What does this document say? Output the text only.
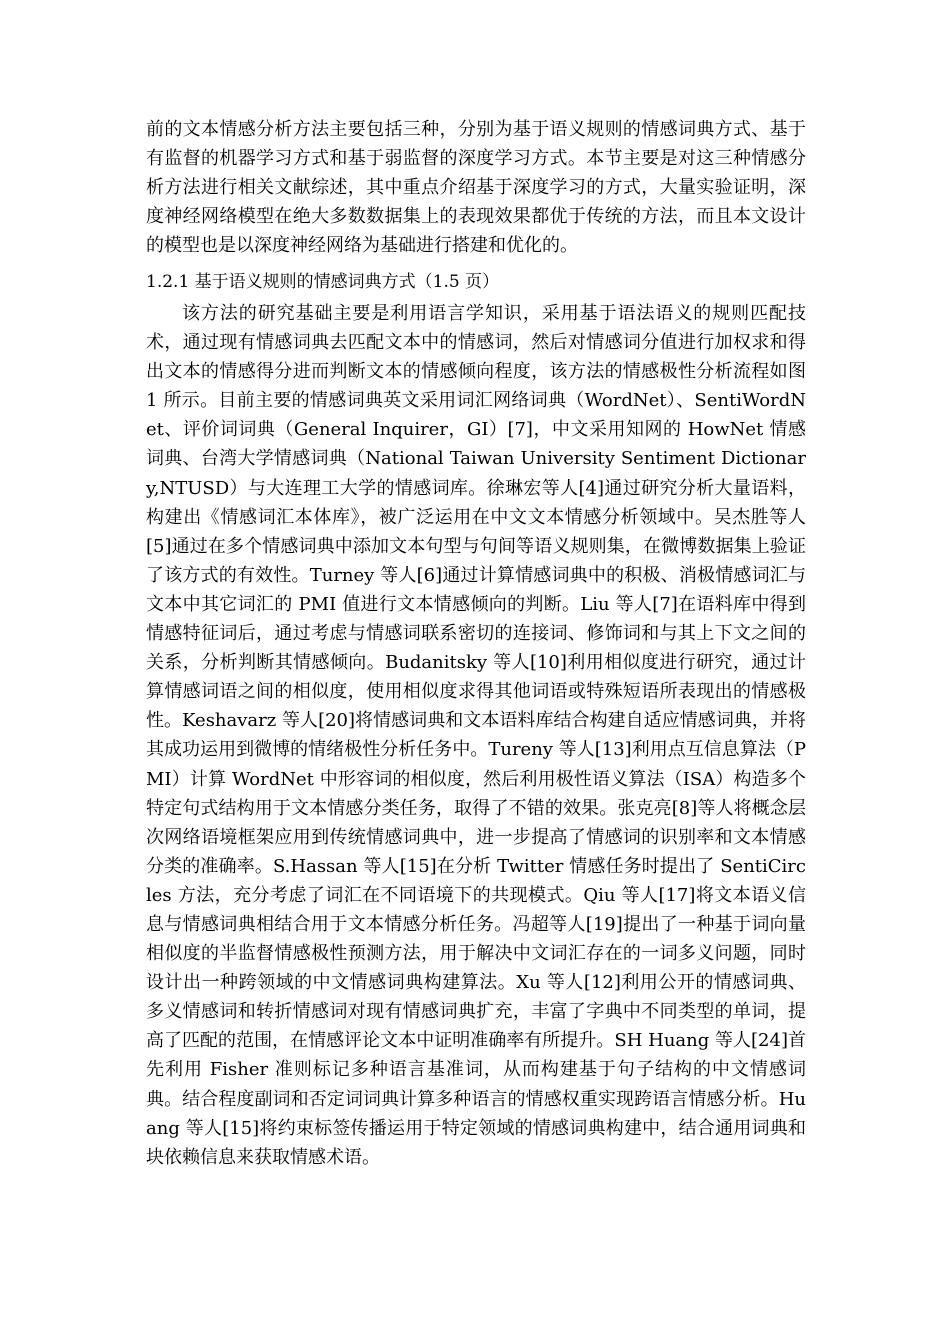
前的文本情感分析方法主要包括三种，分别为基于语义规则的情感词典方式、基于有监督的机器学习方式和基于弱监督的深度学习方式。本节主要是对这三种情感分析方法进行相关文献综述，其中重点介绍基于深度学习的方式，大量实验证明，深度神经网络模型在绝大多数数据集上的表现效果都优于传统的方法，而且本文设计的模型也是以深度神经网络为基础进行搭建和优化的。

1.2.1 基于语义规则的情感词典方式（1.5 页）

该方法的研究基础主要是利用语言学知识，采用基于语法语义的规则匹配技术，通过现有情感词典去匹配文本中的情感词，然后对情感词分值进行加权求和得出文本的情感得分进而判断文本的情感倾向程度，该方法的情感极性分析流程如图 1 所示。目前主要的情感词典英文采用词汇网络词典（WordNet）、SentiWordNet、评价词词典（General Inquirer，GI）[7]，中文采用知网的 HowNet 情感词典、台湾大学情感词典（National Taiwan University Sentiment Dictionary,NTUSD）与大连理工大学的情感词库。徐琳宏等人[4]通过研究分析大量语料，构建出《情感词汇本体库》，被广泛运用在中文文本情感分析领域中。吴杰胜等人[5]通过在多个情感词典中添加文本句型与句间等语义规则集，在微博数据集上验证了该方式的有效性。Turney 等人[6]通过计算情感词典中的积极、消极情感词汇与文本中其它词汇的 PMI 值进行文本情感倾向的判断。Liu 等人[7]在语料库中得到情感特征词后，通过考虑与情感词联系密切的连接词、修饰词和与其上下文之间的关系，分析判断其情感倾向。Budanitsky 等人[10]利用相似度进行研究，通过计算情感词语之间的相似度，使用相似度求得其他词语或特殊短语所表现出的情感极性。Keshavarz 等人[20]将情感词典和文本语料库结合构建自适应情感词典，并将其成功运用到微博的情绪极性分析任务中。Tureny 等人[13]利用点互信息算法（PMI）计算 WordNet 中形容词的相似度，然后利用极性语义算法（ISA）构造多个特定句式结构用于文本情感分类任务，取得了不错的效果。张克亮[8]等人将概念层次网络语境框架应用到传统情感词典中，进一步提高了情感词的识别率和文本情感分类的准确率。S.Hassan 等人[15]在分析 Twitter 情感任务时提出了 SentiCircles 方法，充分考虑了词汇在不同语境下的共现模式。Qiu 等人[17]将文本语义信息与情感词典相结合用于文本情感分析任务。冯超等人[19]提出了一种基于词向量相似度的半监督情感极性预测方法，用于解决中文词汇存在的一词多义问题，同时设计出一种跨领域的中文情感词典构建算法。Xu 等人[12]利用公开的情感词典、多义情感词和转折情感词对现有情感词典扩充，丰富了字典中不同类型的单词，提高了匹配的范围，在情感评论文本中证明准确率有所提升。SH Huang 等人[24]首先利用 Fisher 准则标记多种语言基准词，从而构建基于句子结构的中文情感词典。结合程度副词和否定词词典计算多种语言的情感权重实现跨语言情感分析。Huang 等人[15]将约束标签传播运用于特定领域的情感词典构建中，结合通用词典和块依赖信息来获取情感术语。
